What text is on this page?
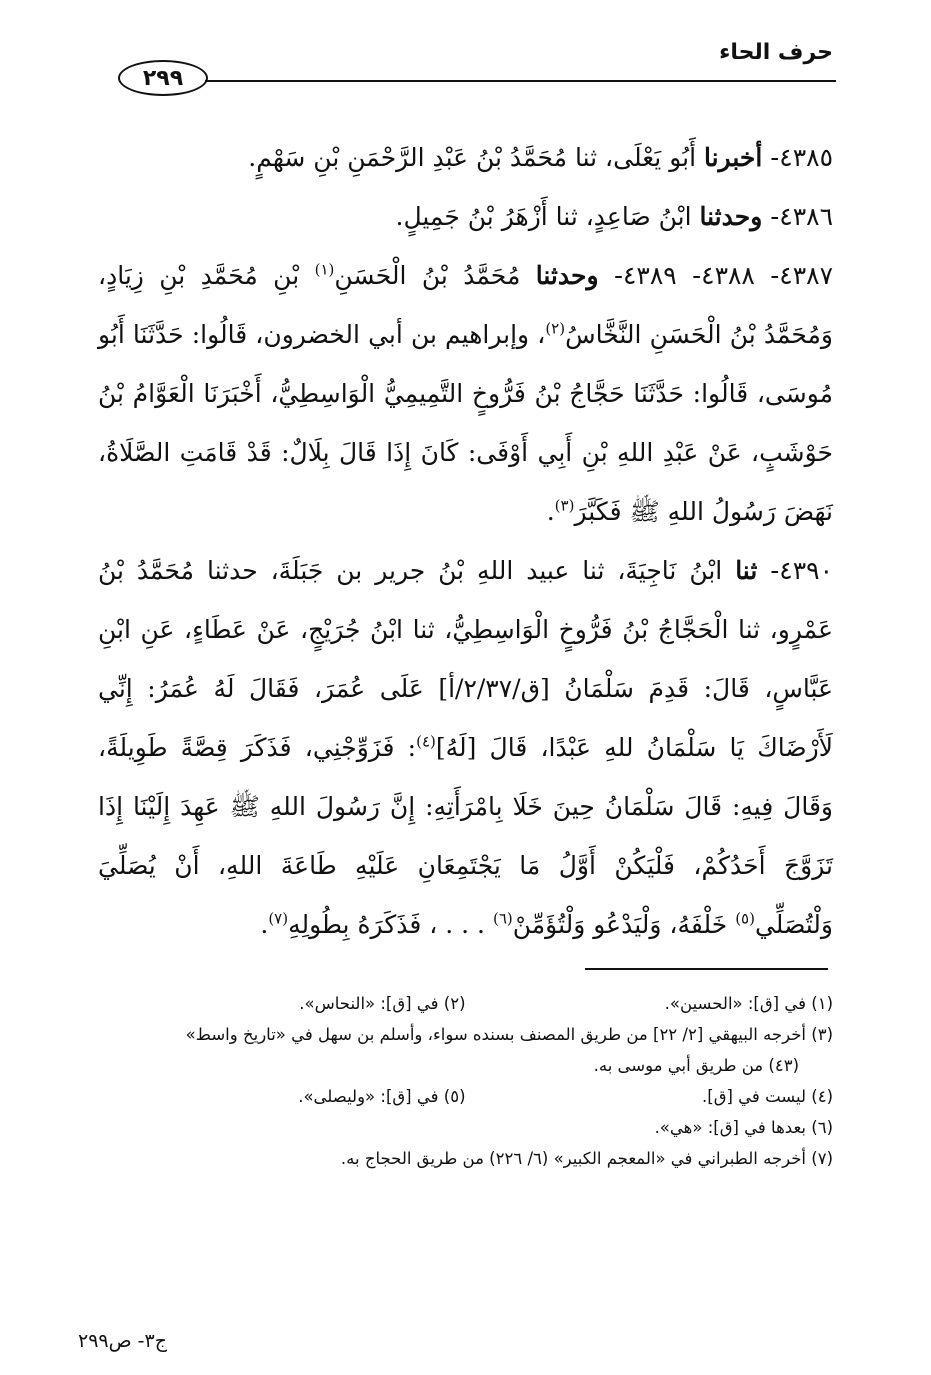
حرف الحاء
٢٩٩
٤٣٨٥- أخبرنا أَبُو يَعْلَى، ثنا مُحَمَّدُ بْنُ عَبْدِ الرَّحْمَنِ بْنِ سَهْمٍ.
٤٣٨٦- وحدثنا ابْنُ صَاعِدٍ، ثنا أَزْهَرُ بْنُ جَمِيلٍ.
٤٣٨٧- ٤٣٨٨- ٤٣٨٩- وحدثنا مُحَمَّدُ بْنُ الْحَسَنِ$^{(١)}$ بْنِ مُحَمَّدِ بْنِ زِيَادٍ، وَمُحَمَّدُ بْنُ الْحَسَنِ النَّخَّاسُ$^{(٢)}$، وإبراهيم بن أبي الخضرون، قَالُوا: حَدَّثَنَا أَبُو مُوسَى، قَالُوا: حَدَّثَنَا حَجَّاجُ بْنُ فَرُّوخٍ التَّمِيمِيُّ الْوَاسِطِيُّ، أَخْبَرَنَا الْعَوَّامُ بْنُ حَوْشَبٍ، عَنْ عَبْدِ اللهِ بْنِ أَبِي أَوْفَى: كَانَ إِذَا قَالَ بِلَالٌ: قَدْ قَامَتِ الصَّلَاةُ، نَهَضَ رَسُولُ اللهِ ﷺ فَكَبَّرَ$^{(٣)}$.
٤٣٩٠- ثنا ابْنُ نَاجِيَةَ، ثنا عبيد اللهِ بْنُ جرير بن جَبَلَةَ، حدثنا مُحَمَّدُ بْنُ عَمْرٍو، ثنا الْحَجَّاجُ بْنُ فَرُّوخٍ الْوَاسِطِيُّ، ثنا ابْنُ جُرَيْجٍ، عَنْ عَطَاءٍ، عَنِ ابْنِ عَبَّاسٍ، قَالَ: قَدِمَ سَلْمَانُ [ق/٢/٣٧/أ] عَلَى عُمَرَ، فَقَالَ لَهُ عُمَرُ: إِنِّي لَأَرْضَاكَ يَا سَلْمَانُ للهِ عَبْدًا، قَالَ [لَهُ]$^{(٤)}$: فَزَوِّجْنِي، فَذَكَرَ قِصَّةً طَوِيلَةً، وَقَالَ فِيهِ: قَالَ سَلْمَانُ حِينَ خَلَا بِامْرَأَتِهِ: إِنَّ رَسُولَ اللهِ ﷺ عَهِدَ إِلَيْنَا إِذَا تَزَوَّجَ أَحَدُكُمْ، فَلْيَكُنْ أَوَّلُ مَا يَجْتَمِعَانِ عَلَيْهِ طَاعَةَ اللهِ، أَنْ يُصَلِّيَ وَلْتُصَلِّي$^{(٥)}$ خَلْفَهُ، وَلْيَدْعُو وَلْتُؤَمِّنْ$^{(٦)}$ . . . ، فَذَكَرَهُ بِطُولِهِ$^{(٧)}$.
(١) في [ق]: «الحسين».
(٢) في [ق]: «النحاس».
(٣) أخرجه البيهقي [٢/ ٢٢] من طريق المصنف بسنده سواء، وأسلم بن سهل في «تاريخ واسط»
(٤٣) من طريق أبي موسى به.
(٤) ليست في [ق].
(٥) في [ق]: «وليصلى».
(٦) بعدها في [ق]: «هي».
(٧) أخرجه الطبراني في «المعجم الكبير» (٦/ ٢٢٦) من طريق الحجاج به.
ج٣- ص٢٩٩
